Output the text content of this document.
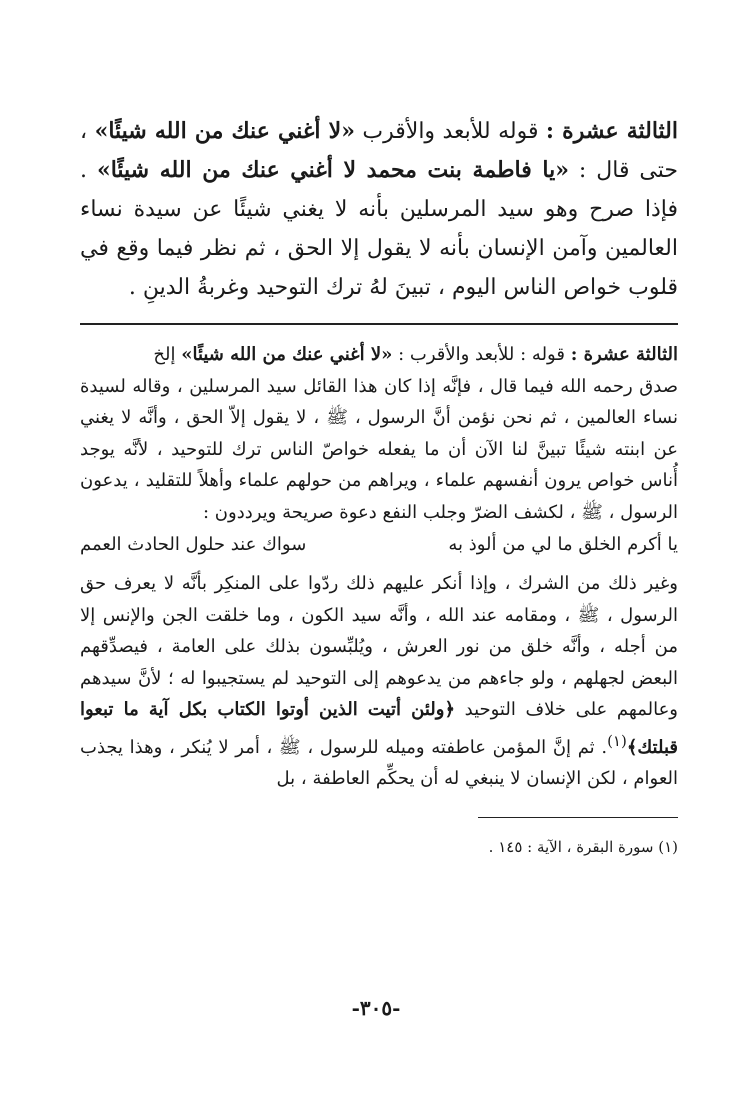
الثالثة عشرة : قوله للأبعد والأقرب «لا أغني عنك من الله شيئًا» ، حتى قال : «يا فاطمة بنت محمد لا أغني عنك من الله شيئًا» . فإذا صرح وهو سيد المرسلين بأنه لا يغني شيئًا عن سيدة نساء العالمين وآمن الإنسان بأنه لا يقول إلا الحق ، ثم نظر فيما وقع في قلوب خواص الناس اليوم ، تبينَ لهُ ترك التوحيد وغربةُ الدينِ .

الثالثة عشرة : قوله : للأبعد والأقرب : «لا أغني عنك من الله شيئًا» إلخ

صدق رحمه الله فيما قال ، فإنَّه إذا كان هذا القائل سيد المرسلين ، وقاله لسيدة نساء العالمين ، ثم نحن نؤمن أنَّ الرسول ، ﷺ ، لا يقول إلاّ الحق ، وأنَّه لا يغني عن ابنته شيئًا تبينَّ لنا الآن أن ما يفعله خواصّ الناس ترك للتوحيد ، لأنَّه يوجد أُناس خواص يرون أنفسهم علماء ، ويراهم من حولهم علماء وأهلاً للتقليد ، يدعون الرسول ، ﷺ ، لكشف الضرّ وجلب النفع دعوة صريحة ويرددون :

يا أكرم الخلق ما لي من ألوذ به
سواك عند حلول الحادث العمم

وغير ذلك من الشرك ، وإذا أنكر عليهم ذلك ردّوا على المنكِر بأنَّه لا يعرف حق الرسول ، ﷺ ، ومقامه عند الله ، وأنَّه سيد الكون ، وما خلقت الجن والإنس إلا من أجله ، وأنَّه خلق من نور العرش ، ويُلبِّسون بذلك على العامة ، فيصدِّقهم البعض لجهلهم ، ولو جاءهم من يدعوهم إلى التوحيد لم يستجيبوا له ؛ لأنَّ سيدهم وعالمهم على خلاف التوحيد ﴿ولئن أتيت الذين أوتوا الكتاب بكل آية ما تبعوا قبلتك﴾$^{(١)}$. ثم إنَّ المؤمن عاطفته وميله للرسول ، ﷺ ، أمر لا يُنكر ، وهذا يجذب العوام ، لكن الإنسان لا ينبغي له أن يحكِّم العاطفة ، بل

(١) سورة البقرة ، الآية : ١٤٥ .

-٣٠٥-
